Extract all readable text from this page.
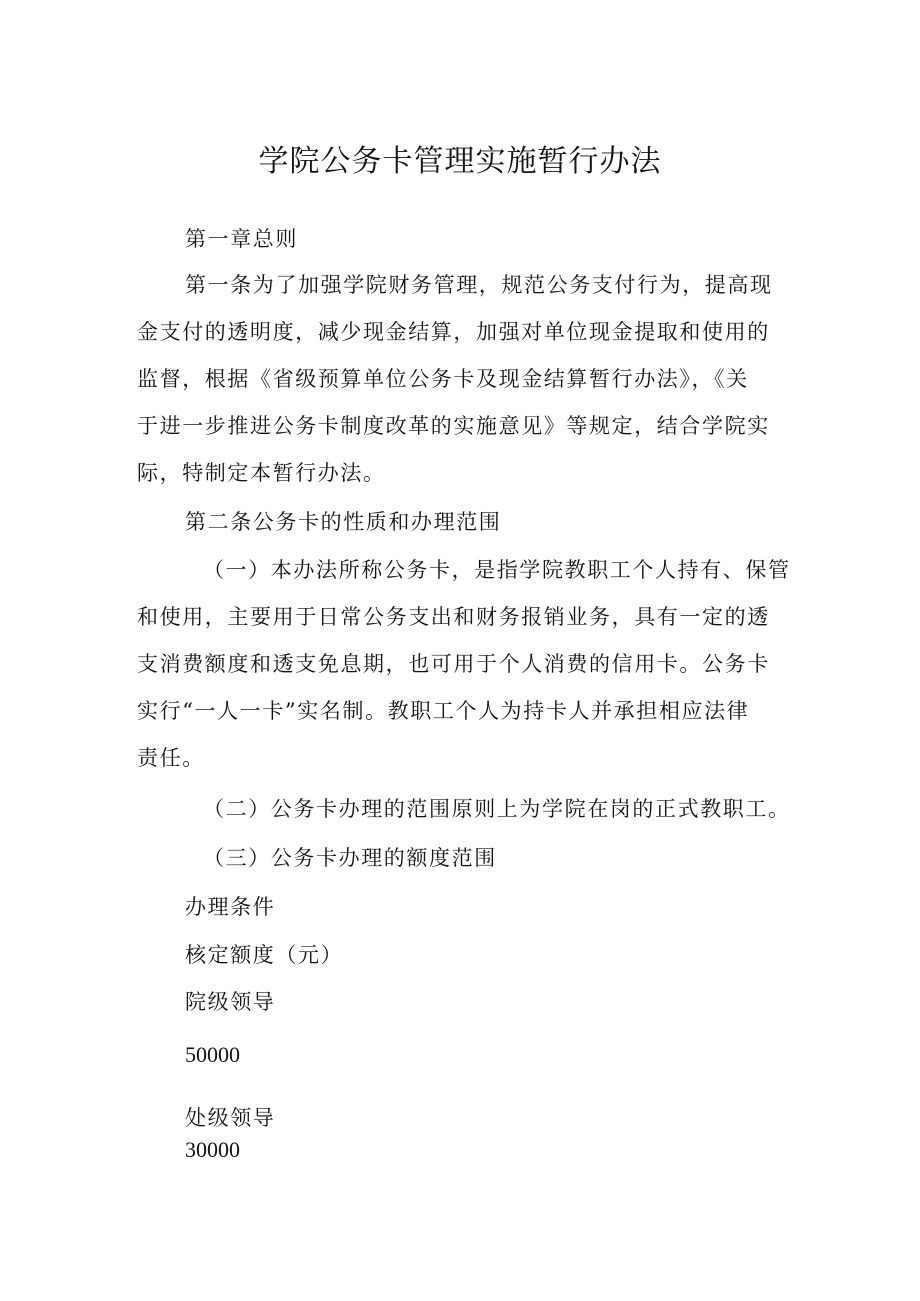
学院公务卡管理实施暂行办法

第一章总则

第一条为了加强学院财务管理，规范公务支付行为，提高现

金支付的透明度，减少现金结算，加强对单位现金提取和使用的

监督，根据《省级预算单位公务卡及现金结算暂行办法》，《关

于进一步推进公务卡制度改革的实施意见》等规定，结合学院实

际，特制定本暂行办法。

第二条公务卡的性质和办理范围

（一）本办法所称公务卡，是指学院教职工个人持有、保管

和使用，主要用于日常公务支出和财务报销业务，具有一定的透

支消费额度和透支免息期，也可用于个人消费的信用卡。公务卡

实行“一人一卡”实名制。教职工个人为持卡人并承担相应法律

责任。

（二）公务卡办理的范围原则上为学院在岗的正式教职工。

（三）公务卡办理的额度范围

办理条件

核定额度（元）

院级领导

50000

处级领导

30000
